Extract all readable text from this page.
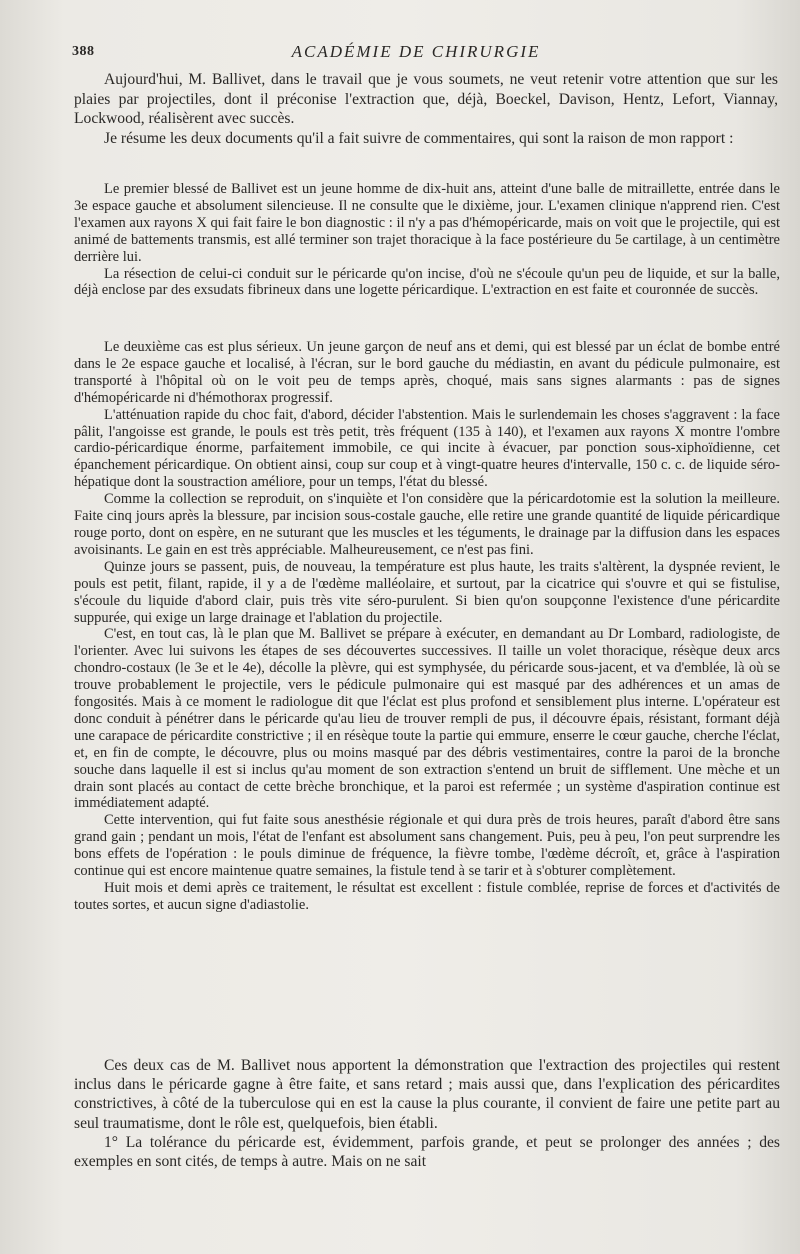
388	ACADÉMIE DE CHIRURGIE

Aujourd'hui, M. Ballivet, dans le travail que je vous soumets, ne veut retenir votre attention que sur les plaies par projectiles, dont il préconise l'extraction que, déjà, Boeckel, Davison, Hentz, Lefort, Viannay, Lockwood, réalisèrent avec succès.

Je résume les deux documents qu'il a fait suivre de commentaires, qui sont la raison de mon rapport :

Le premier blessé de Ballivet est un jeune homme de dix-huit ans, atteint d'une balle de mitraillette, entrée dans le 3e espace gauche et absolument silencieuse. Il ne consulte que le dixième, jour. L'examen clinique n'apprend rien. C'est l'examen aux rayons X qui fait faire le bon diagnostic : il n'y a pas d'hémopéricarde, mais on voit que le projectile, qui est animé de battements transmis, est allé terminer son trajet thoracique à la face postérieure du 5e cartilage, à un centimètre derrière lui.

La résection de celui-ci conduit sur le péricarde qu'on incise, d'où ne s'écoule qu'un peu de liquide, et sur la balle, déjà enclose par des exsudats fibrineux dans une logette péricardique. L'extraction en est faite et couronnée de succès.

Le deuxième cas est plus sérieux. Un jeune garçon de neuf ans et demi, qui est blessé par un éclat de bombe entré dans le 2e espace gauche et localisé, à l'écran, sur le bord gauche du médiastin, en avant du pédicule pulmonaire, est transporté à l'hôpital où on le voit peu de temps après, choqué, mais sans signes alarmants : pas de signes d'hémopéricarde ni d'hémothorax progressif.

L'atténuation rapide du choc fait, d'abord, décider l'abstention. Mais le surlendemain les choses s'aggravent : la face pâlit, l'angoisse est grande, le pouls est très petit, très fréquent (135 à 140), et l'examen aux rayons X montre l'ombre cardio-péricardique énorme, parfaitement immobile, ce qui incite à évacuer, par ponction sous-xiphoïdienne, cet épanchement péricardique. On obtient ainsi, coup sur coup et à vingt-quatre heures d'intervalle, 150 c. c. de liquide séro-hépatique dont la soustraction améliore, pour un temps, l'état du blessé.

Comme la collection se reproduit, on s'inquiète et l'on considère que la péricardotomie est la solution la meilleure. Faite cinq jours après la blessure, par incision sous-costale gauche, elle retire une grande quantité de liquide péricardique rouge porto, dont on espère, en ne suturant que les muscles et les téguments, le drainage par la diffusion dans les espaces avoisinants. Le gain en est très appréciable. Malheureusement, ce n'est pas fini.

Quinze jours se passent, puis, de nouveau, la température est plus haute, les traits s'altèrent, la dyspnée revient, le pouls est petit, filant, rapide, il y a de l'œdème malléolaire, et surtout, par la cicatrice qui s'ouvre et qui se fistulise, s'écoule du liquide d'abord clair, puis très vite séro-purulent. Si bien qu'on soupçonne l'existence d'une péricardite suppurée, qui exige un large drainage et l'ablation du projectile.

C'est, en tout cas, là le plan que M. Ballivet se prépare à exécuter, en demandant au Dr Lombard, radiologiste, de l'orienter. Avec lui suivons les étapes de ses découvertes successives. Il taille un volet thoracique, résèque deux arcs chondro-costaux (le 3e et le 4e), décolle la plèvre, qui est symphysée, du péricarde sous-jacent, et va d'emblée, là où se trouve probablement le projectile, vers le pédicule pulmonaire qui est masqué par des adhérences et un amas de fongosités. Mais à ce moment le radiologue dit que l'éclat est plus profond et sensiblement plus interne. L'opérateur est donc conduit à pénétrer dans le péricarde qu'au lieu de trouver rempli de pus, il découvre épais, résistant, formant déjà une carapace de péricardite constrictive ; il en résèque toute la partie qui emmure, enserre le cœur gauche, cherche l'éclat, et, en fin de compte, le découvre, plus ou moins masqué par des débris vestimentaires, contre la paroi de la bronche souche dans laquelle il est si inclus qu'au moment de son extraction s'entend un bruit de sifflement. Une mèche et un drain sont placés au contact de cette brèche bronchique, et la paroi est refermée ; un système d'aspiration continue est immédiatement adapté.

Cette intervention, qui fut faite sous anesthésie régionale et qui dura près de trois heures, paraît d'abord être sans grand gain ; pendant un mois, l'état de l'enfant est absolument sans changement. Puis, peu à peu, l'on peut surprendre les bons effets de l'opération : le pouls diminue de fréquence, la fièvre tombe, l'œdème décroît, et, grâce à l'aspiration continue qui est encore maintenue quatre semaines, la fistule tend à se tarir et à s'obturer complètement.

Huit mois et demi après ce traitement, le résultat est excellent : fistule comblée, reprise de forces et d'activités de toutes sortes, et aucun signe d'adiastolie.

Ces deux cas de M. Ballivet nous apportent la démonstration que l'extraction des projectiles qui restent inclus dans le péricarde gagne à être faite, et sans retard ; mais aussi que, dans l'explication des péricardites constrictives, à côté de la tuberculose qui en est la cause la plus courante, il convient de faire une petite part au seul traumatisme, dont le rôle est, quelquefois, bien établi.

1° La tolérance du péricarde est, évidemment, parfois grande, et peut se prolonger des années ; des exemples en sont cités, de temps à autre. Mais on ne sait
